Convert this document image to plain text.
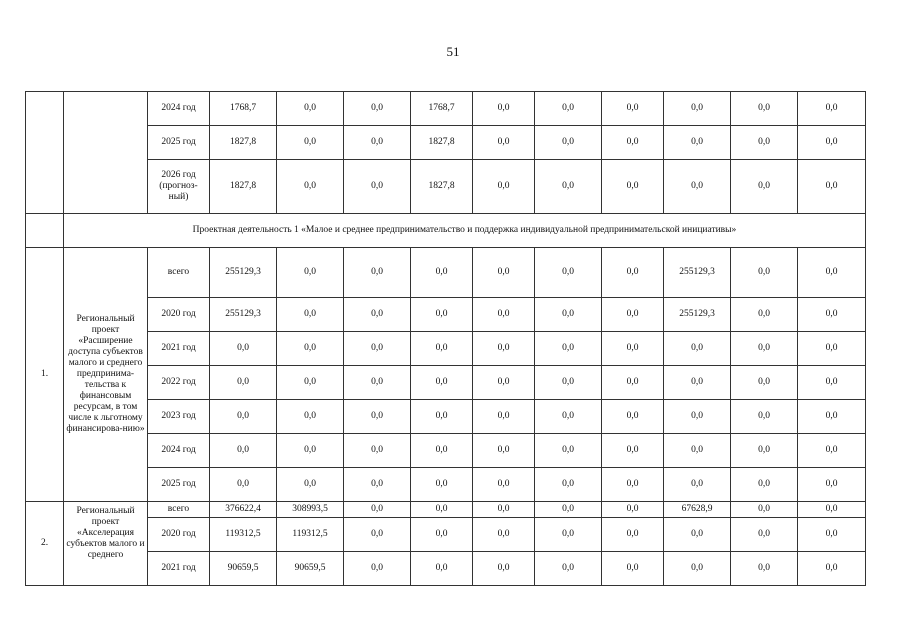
51
		2024 год	1768,7	0,0	0,0	1768,7	0,0	0,0	0,0	0,0	0,0	0,0
		2025 год	1827,8	0,0	0,0	1827,8	0,0	0,0	0,0	0,0	0,0	0,0
		2026 год (прогноз-ный)	1827,8	0,0	0,0	1827,8	0,0	0,0	0,0	0,0	0,0	0,0
	Проектная деятельность 1 «Малое и среднее предпринимательство и поддержка индивидуальной предпринимательской инициативы»											
1.	Региональный проект «Расширение доступа субъектов малого и среднего предпринима-тельства к финансовым ресурсам, в том числе к льготному финансирова-нию»	всего	255129,3	0,0	0,0	0,0	0,0	0,0	0,0	255129,3	0,0	0,0
		2020 год	255129,3	0,0	0,0	0,0	0,0	0,0	0,0	255129,3	0,0	0,0
		2021 год	0,0	0,0	0,0	0,0	0,0	0,0	0,0	0,0	0,0	0,0
		2022 год	0,0	0,0	0,0	0,0	0,0	0,0	0,0	0,0	0,0	0,0
		2023 год	0,0	0,0	0,0	0,0	0,0	0,0	0,0	0,0	0,0	0,0
		2024 год	0,0	0,0	0,0	0,0	0,0	0,0	0,0	0,0	0,0	0,0
		2025 год	0,0	0,0	0,0	0,0	0,0	0,0	0,0	0,0	0,0	0,0
2.	Региональный проект «Акселерация субъектов малого и среднего	всего	376622,4	308993,5	0,0	0,0	0,0	0,0	0,0	67628,9	0,0	0,0
		2020 год	119312,5	119312,5	0,0	0,0	0,0	0,0	0,0	0,0	0,0	0,0
		2021 год	90659,5	90659,5	0,0	0,0	0,0	0,0	0,0	0,0	0,0	0,0
